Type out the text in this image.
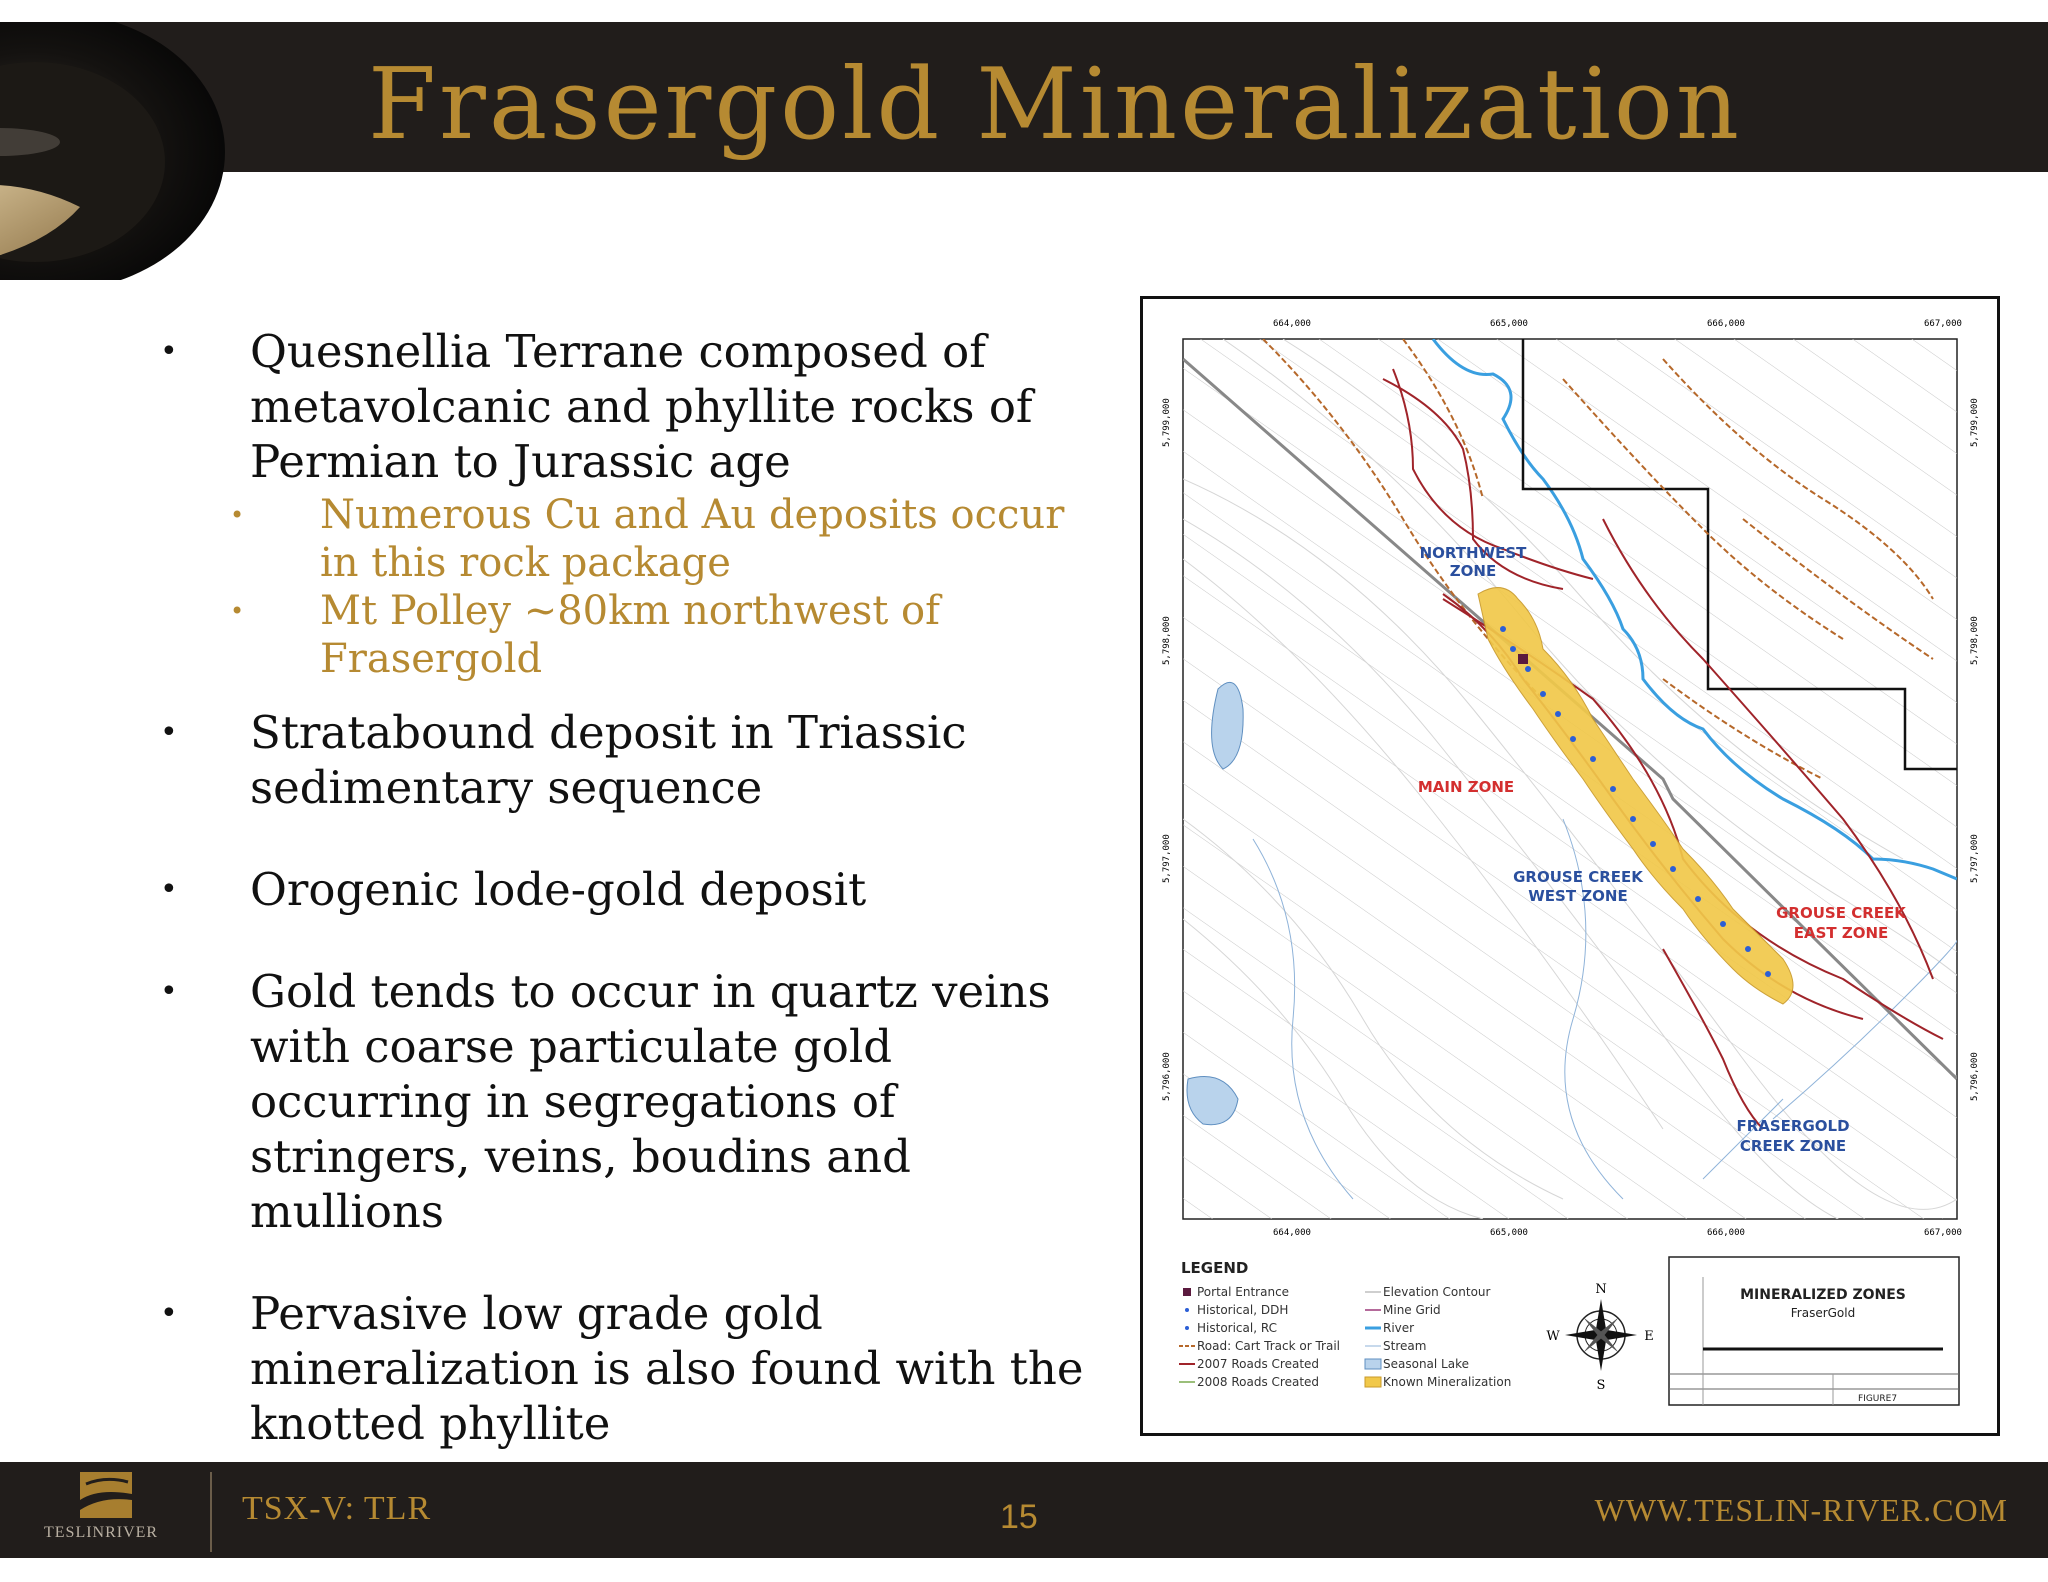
Frasergold Mineralization
• Quesnellia Terrane composed of metavolcanic and phyllite rocks of Permian to Jurassic age
• Numerous Cu and Au deposits occur in this rock package
• Mt Polley ~80km northwest of Frasergold
• Stratabound deposit in Triassic sedimentary sequence
• Orogenic lode-gold deposit
• Gold tends to occur in quartz veins with coarse particulate gold occurring in segregations of stringers, veins, boudins and mullions
• Pervasive low grade gold mineralization is also found with the knotted phyllite
664,000	665,000	666,000	667,000
664,000	665,000	666,000	667,000
5,799,000
5,798,000
5,797,000
5,796,000
5,799,000
5,798,000
5,797,000
5,796,000
NORTHWEST
ZONE
MAIN ZONE
GROUSE CREEK
WEST ZONE
GROUSE CREEK
EAST ZONE
FRASERGOLD
CREEK ZONE
LEGEND
Portal Entrance
Historical, DDH
Historical, RC
Road: Cart Track or Trail
2007 Roads Created
2008 Roads Created
Elevation Contour
Mine Grid
River
Stream
Seasonal Lake
Known Mineralization
N
S
E
W
MINERALIZED ZONES
FraserGold
FIGURE7
TESLINRIVER
TSX-V: TLR	15	WWW.TESLIN-RIVER.COM
